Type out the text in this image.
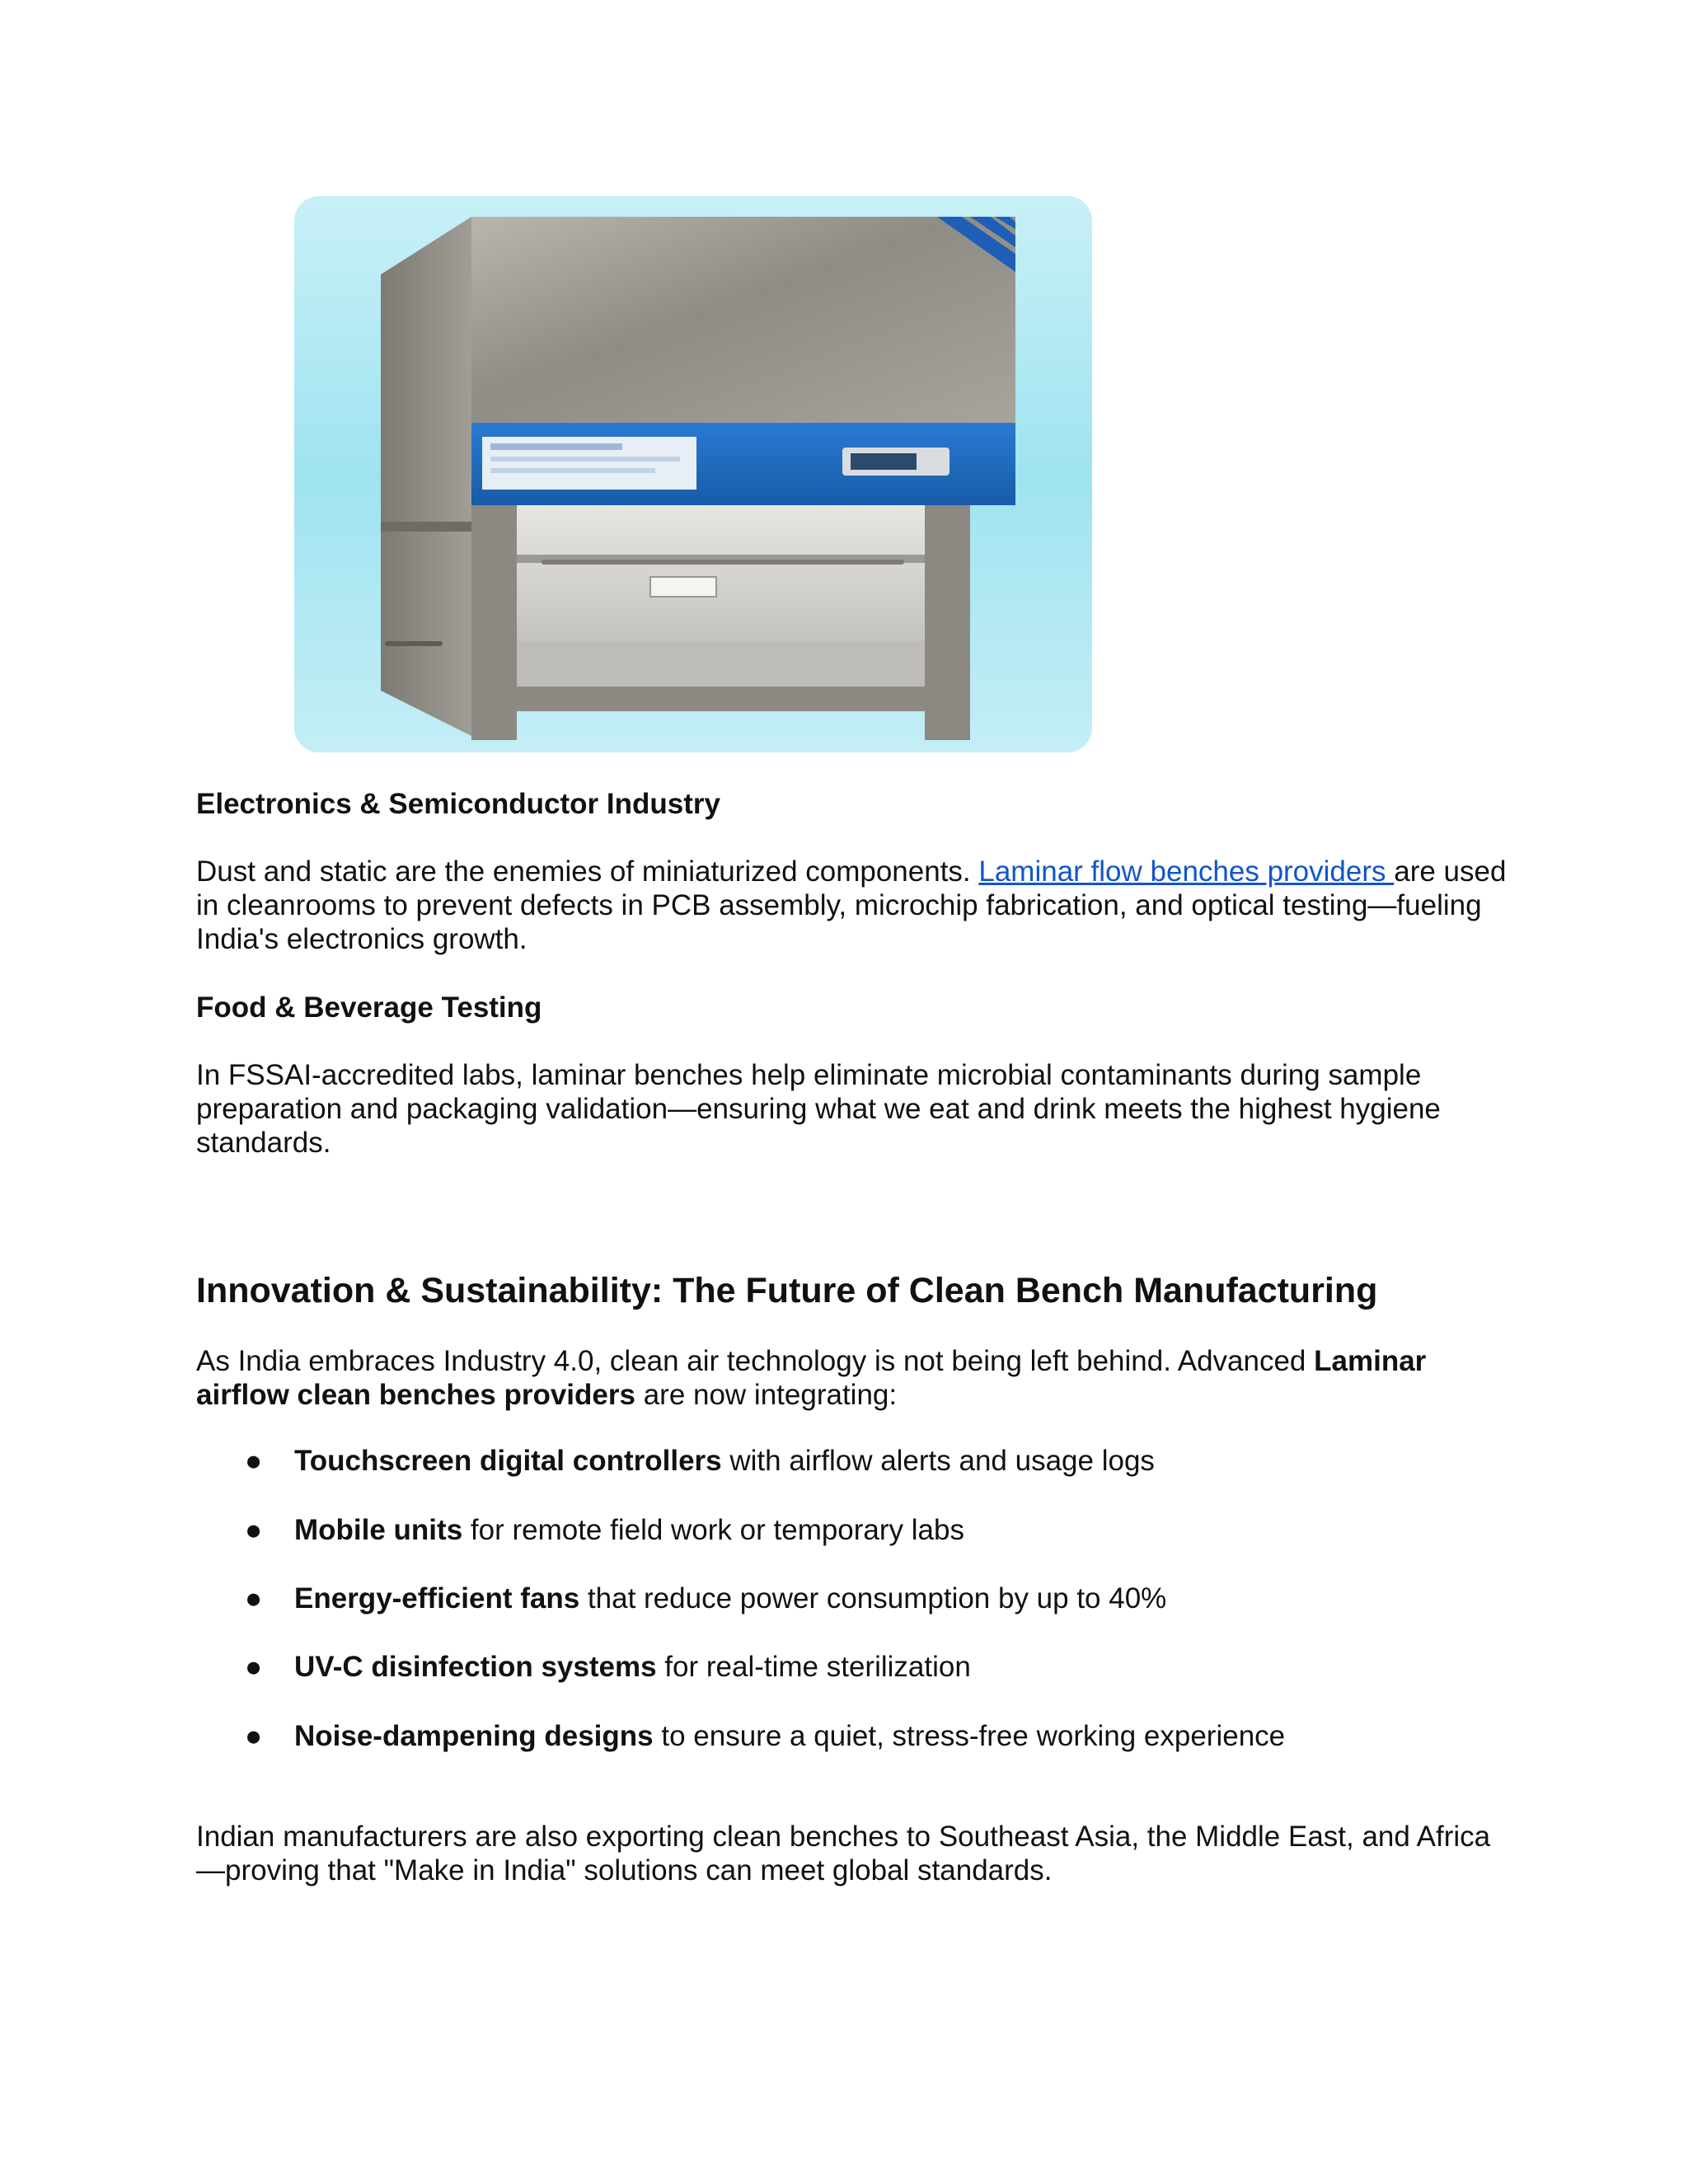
Electronics & Semiconductor Industry

Dust and static are the enemies of miniaturized components. Laminar flow benches providers are used in cleanrooms to prevent defects in PCB assembly, microchip fabrication, and optical testing—fueling India's electronics growth.

Food & Beverage Testing

In FSSAI-accredited labs, laminar benches help eliminate microbial contaminants during sample preparation and packaging validation—ensuring what we eat and drink meets the highest hygiene standards.

Innovation & Sustainability: The Future of Clean Bench Manufacturing

As India embraces Industry 4.0, clean air technology is not being left behind. Advanced Laminar airflow clean benches providers are now integrating:

● Touchscreen digital controllers with airflow alerts and usage logs
● Mobile units for remote field work or temporary labs
● Energy-efficient fans that reduce power consumption by up to 40%
● UV-C disinfection systems for real-time sterilization
● Noise-dampening designs to ensure a quiet, stress-free working experience

Indian manufacturers are also exporting clean benches to Southeast Asia, the Middle East, and Africa—proving that "Make in India" solutions can meet global standards.
